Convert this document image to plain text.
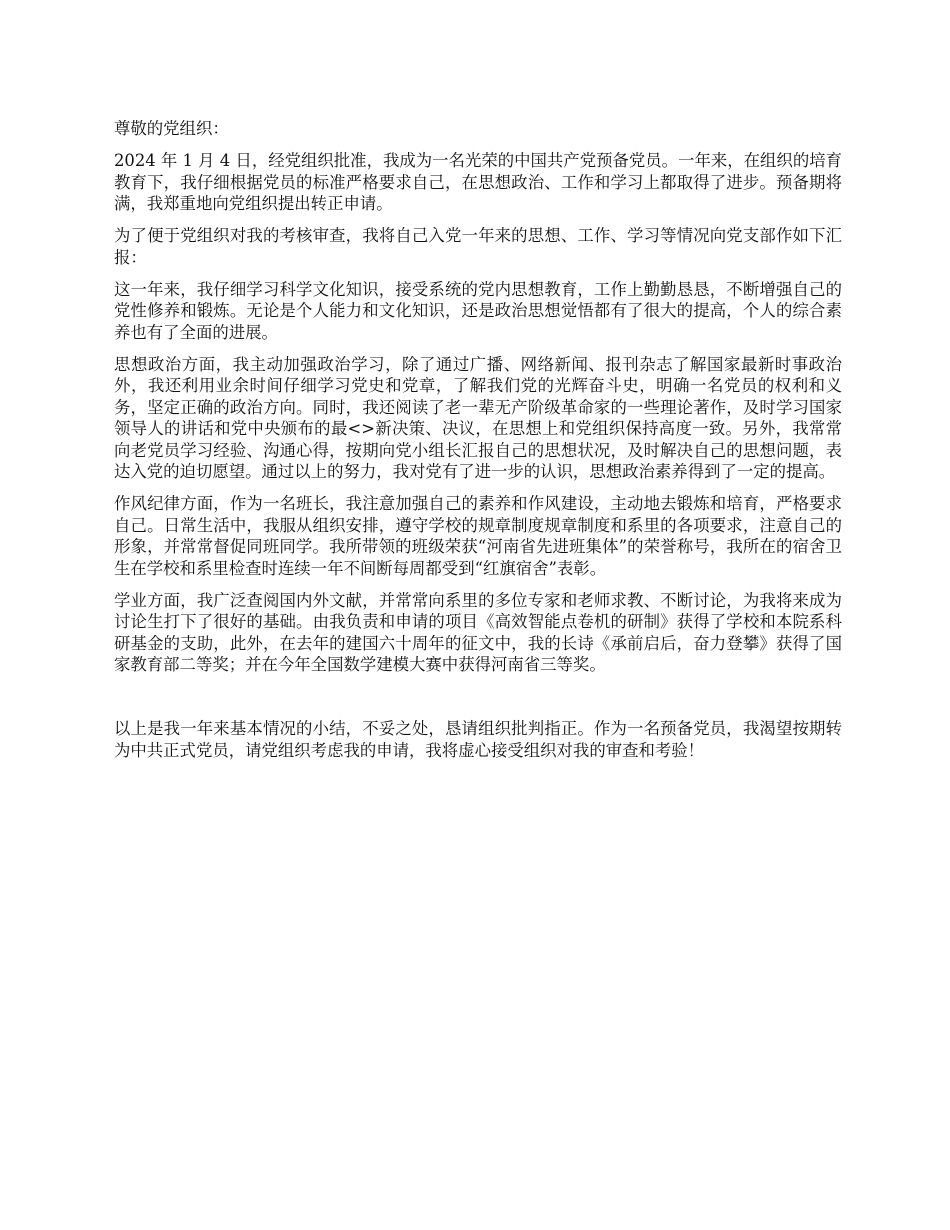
尊敬的党组织：

2024 年 1 月 4 日，经党组织批准，我成为一名光荣的中国共产党预备党员。一年来，在组织的培育教育下，我仔细根据党员的标准严格要求自己，在思想政治、工作和学习上都取得了进步。预备期将满，我郑重地向党组织提出转正申请。

为了便于党组织对我的考核审查，我将自己入党一年来的思想、工作、学习等情况向党支部作如下汇报：

这一年来，我仔细学习科学文化知识，接受系统的党内思想教育，工作上勤勤恳恳，不断增强自己的党性修养和锻炼。无论是个人能力和文化知识，还是政治思想觉悟都有了很大的提高，个人的综合素养也有了全面的进展。

思想政治方面，我主动加强政治学习，除了通过广播、网络新闻、报刊杂志了解国家最新时事政治外，我还利用业余时间仔细学习党史和党章，了解我们党的光辉奋斗史，明确一名党员的权利和义务，坚定正确的政治方向。同时，我还阅读了老一辈无产阶级革命家的一些理论著作，及时学习国家领导人的讲话和党中央颁布的最<>新决策、决议，在思想上和党组织保持高度一致。另外，我常常向老党员学习经验、沟通心得，按期向党小组长汇报自己的思想状况，及时解决自己的思想问题，表达入党的迫切愿望。通过以上的努力，我对党有了进一步的认识，思想政治素养得到了一定的提高。

作风纪律方面，作为一名班长，我注意加强自己的素养和作风建设，主动地去锻炼和培育，严格要求自己。日常生活中，我服从组织安排，遵守学校的规章制度规章制度和系里的各项要求，注意自己的形象，并常常督促同班同学。我所带领的班级荣获“河南省先进班集体”的荣誉称号，我所在的宿舍卫生在学校和系里检查时连续一年不间断每周都受到“红旗宿舍”表彰。

学业方面，我广泛查阅国内外文献，并常常向系里的多位专家和老师求教、不断讨论，为我将来成为讨论生打下了很好的基础。由我负责和申请的项目《高效智能点卷机的研制》获得了学校和本院系科研基金的支助，此外，在去年的建国六十周年的征文中，我的长诗《承前启后，奋力登攀》获得了国家教育部二等奖；并在今年全国数学建模大赛中获得河南省三等奖。

以上是我一年来基本情况的小结，不妥之处，恳请组织批判指正。作为一名预备党员，我渴望按期转为中共正式党员，请党组织考虑我的申请，我将虚心接受组织对我的审查和考验！
